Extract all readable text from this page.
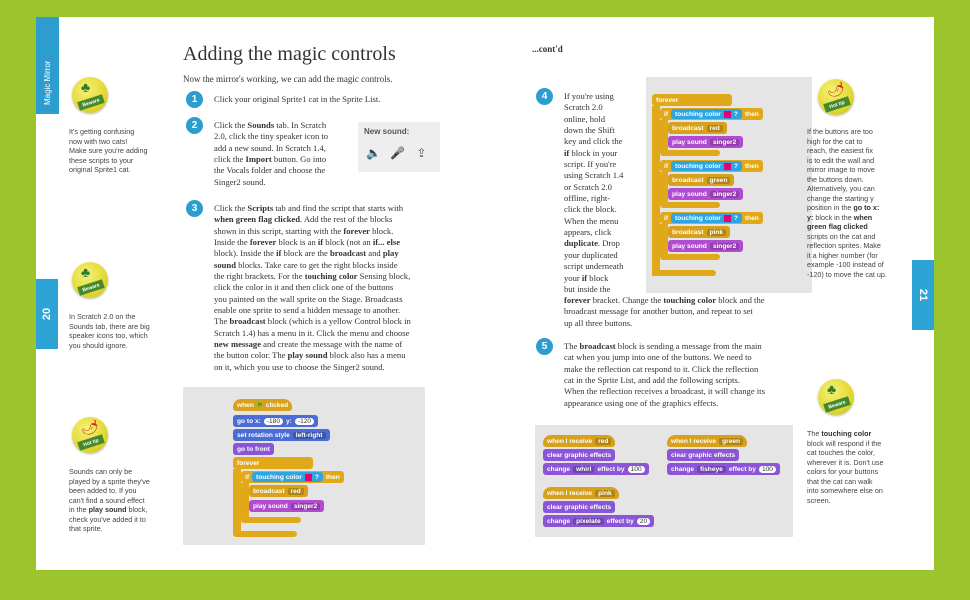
Magic Mirror
20
Adding the magic controls
Now the mirror's working, we can add the magic controls.
1	Click your original Sprite1 cat in the Sprite List.
2	Click the Sounds tab. In Scratch
2.0, click the tiny speaker icon to
add a new sound. In Scratch 1.4,
click the Import button. Go into
the Vocals folder and choose the
Singer2 sound.
New sound:
🔈 🎤 ⇪
3	Click the Scripts tab and find the script that starts with
when green flag clicked. Add the rest of the blocks
shown in this script, starting with the forever block.
Inside the forever block is an if block (not an if... else
block). Inside the if block are the broadcast and play
sound blocks. Take care to get the right blocks inside
the right brackets. For the touching color Sensing block,
click the color in it and then click one of the buttons
you painted on the wall sprite on the Stage. Broadcasts
enable one sprite to send a hidden message to another.
The broadcast block (which is a yellow Control block in
Scratch 1.4) has a menu in it. Click the menu and choose
new message and create the message with the name of
the button color. The play sound block also has a menu
on it, which you use to choose the Singer2 sound.
♣
Beware
It's getting confusing
now with two cats!
Make sure you're adding
these scripts to your
original Sprite1 cat.
♣
Beware
In Scratch 2.0 on the
Sounds tab, there are big
speaker icons too, which
you should ignore.
🌶
Hot tip
Sounds can only be
played by a sprite they've
been added to. If you
can't find a sound effect
in the play sound block,
check you've added it to
that sprite.
when ⚑ clicked
go to x: -180 y: -120
set rotation style left-right
go to front
forever
if touching color ? then
broadcast red
play sound singer2
21
...cont'd
4	If you're using
Scratch 2.0
online, hold
down the Shift
key and click the
if block in your
script. If you're
using Scratch 1.4
or Scratch 2.0
offline, right-
click the block.
When the menu
appears, click
duplicate. Drop
your duplicated
script underneath
your if block
but inside the
forever bracket. Change the touching color block and the
broadcast message for another button, and repeat to set
up all three buttons.
5	The broadcast block is sending a message from the main
cat when you jump into one of the buttons. We need to
make the reflection cat respond to it. Click the reflection
cat in the Sprite List, and add the following scripts.
When the reflection receives a broadcast, it will change its
appearance using one of the graphics effects.
forever
if touching color ? then
broadcast red
play sound singer2
if touching color ? then
broadcast green
play sound singer2
if touching color ? then
broadcast pink
play sound singer2
when I receive red
clear graphic effects
change whirl effect by 100
when I receive green
clear graphic effects
change fisheye effect by 100
when I receive pink
clear graphic effects
change pixelate effect by 20
🌶
Hot tip
If the buttons are too
high for the cat to
reach, the easiest fix
is to edit the wall and
mirror image to move
the buttons down.
Alternatively, you can
change the starting y
position in the go to x:
y: block in the when
green flag clicked
scripts on the cat and
reflection sprites. Make
it a higher number (for
example -100 instead of
-120) to move the cat up.
♣
Beware
The touching color
block will respond if the
cat touches the color,
wherever it is. Don't use
colors for your buttons
that the cat can walk
into somewhere else on
screen.
